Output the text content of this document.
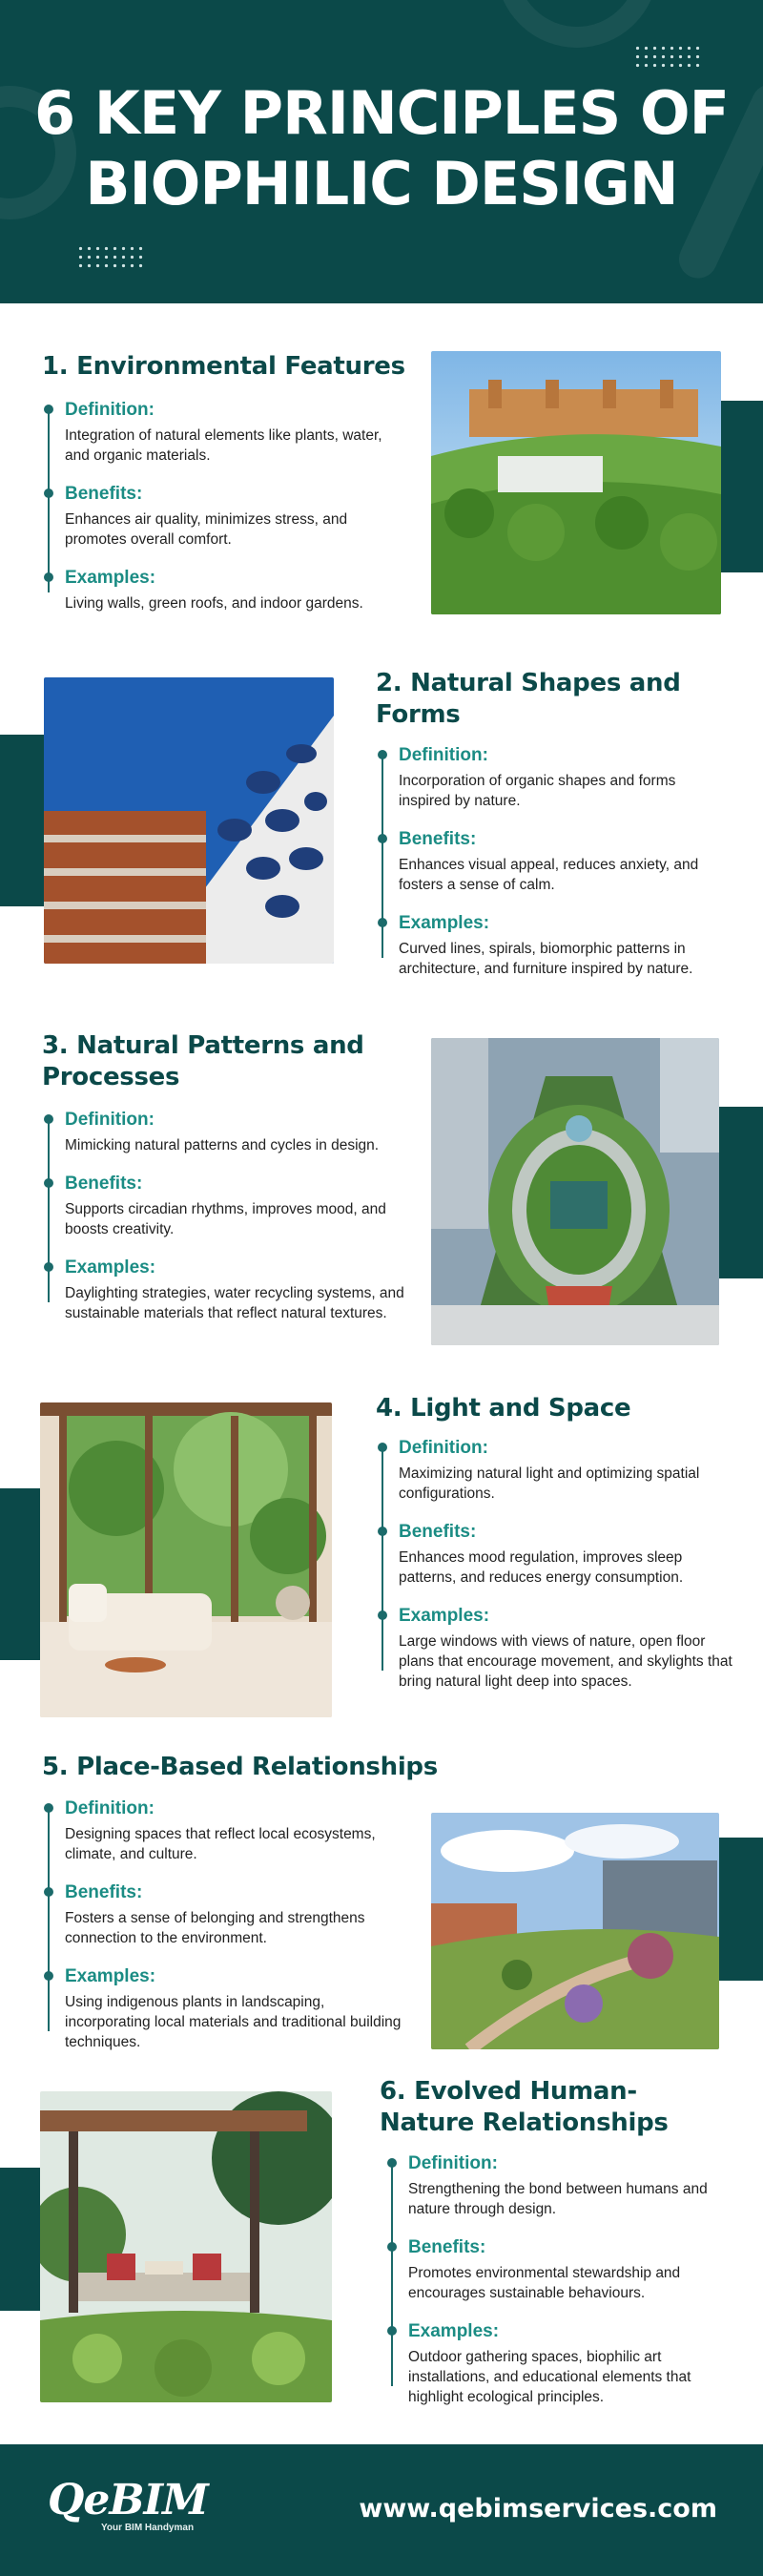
6 KEY PRINCIPLES OF
BIOPHILIC DESIGN
1. Environmental Features
Definition:
Integration of natural elements like plants, water, and organic materials.
Benefits:
Enhances air quality, minimizes stress, and promotes overall comfort.
Examples:
Living walls, green roofs, and indoor gardens.
2. Natural Shapes and
Forms
Definition:
Incorporation of organic shapes and forms inspired by nature.
Benefits:
Enhances visual appeal, reduces anxiety, and fosters a sense of calm.
Examples:
Curved lines, spirals, biomorphic patterns in architecture, and furniture inspired by nature.
3. Natural Patterns and
Processes
Definition:
Mimicking natural patterns and cycles in design.
Benefits:
Supports circadian rhythms, improves mood, and boosts creativity.
Examples:
Daylighting strategies, water recycling systems, and sustainable materials that reflect natural textures.
4. Light and Space
Definition:
Maximizing natural light and optimizing spatial configurations.
Benefits:
Enhances mood regulation, improves sleep patterns, and reduces energy consumption.
Examples:
Large windows with views of nature, open floor plans that encourage movement, and skylights that bring natural light deep into spaces.
5. Place-Based Relationships
Definition:
Designing spaces that reflect local ecosystems, climate, and culture.
Benefits:
Fosters a sense of belonging and strengthens connection to the environment.
Examples:
Using indigenous plants in landscaping, incorporating local materials and traditional building techniques.
6. Evolved Human-
Nature Relationships
Definition:
Strengthening the bond between humans and nature through design.
Benefits:
Promotes environmental stewardship and encourages sustainable behaviours.
Examples:
Outdoor gathering spaces, biophilic art installations, and educational elements that highlight ecological principles.
QeBIM
Your BIM Handyman
www.qebimservices.com
